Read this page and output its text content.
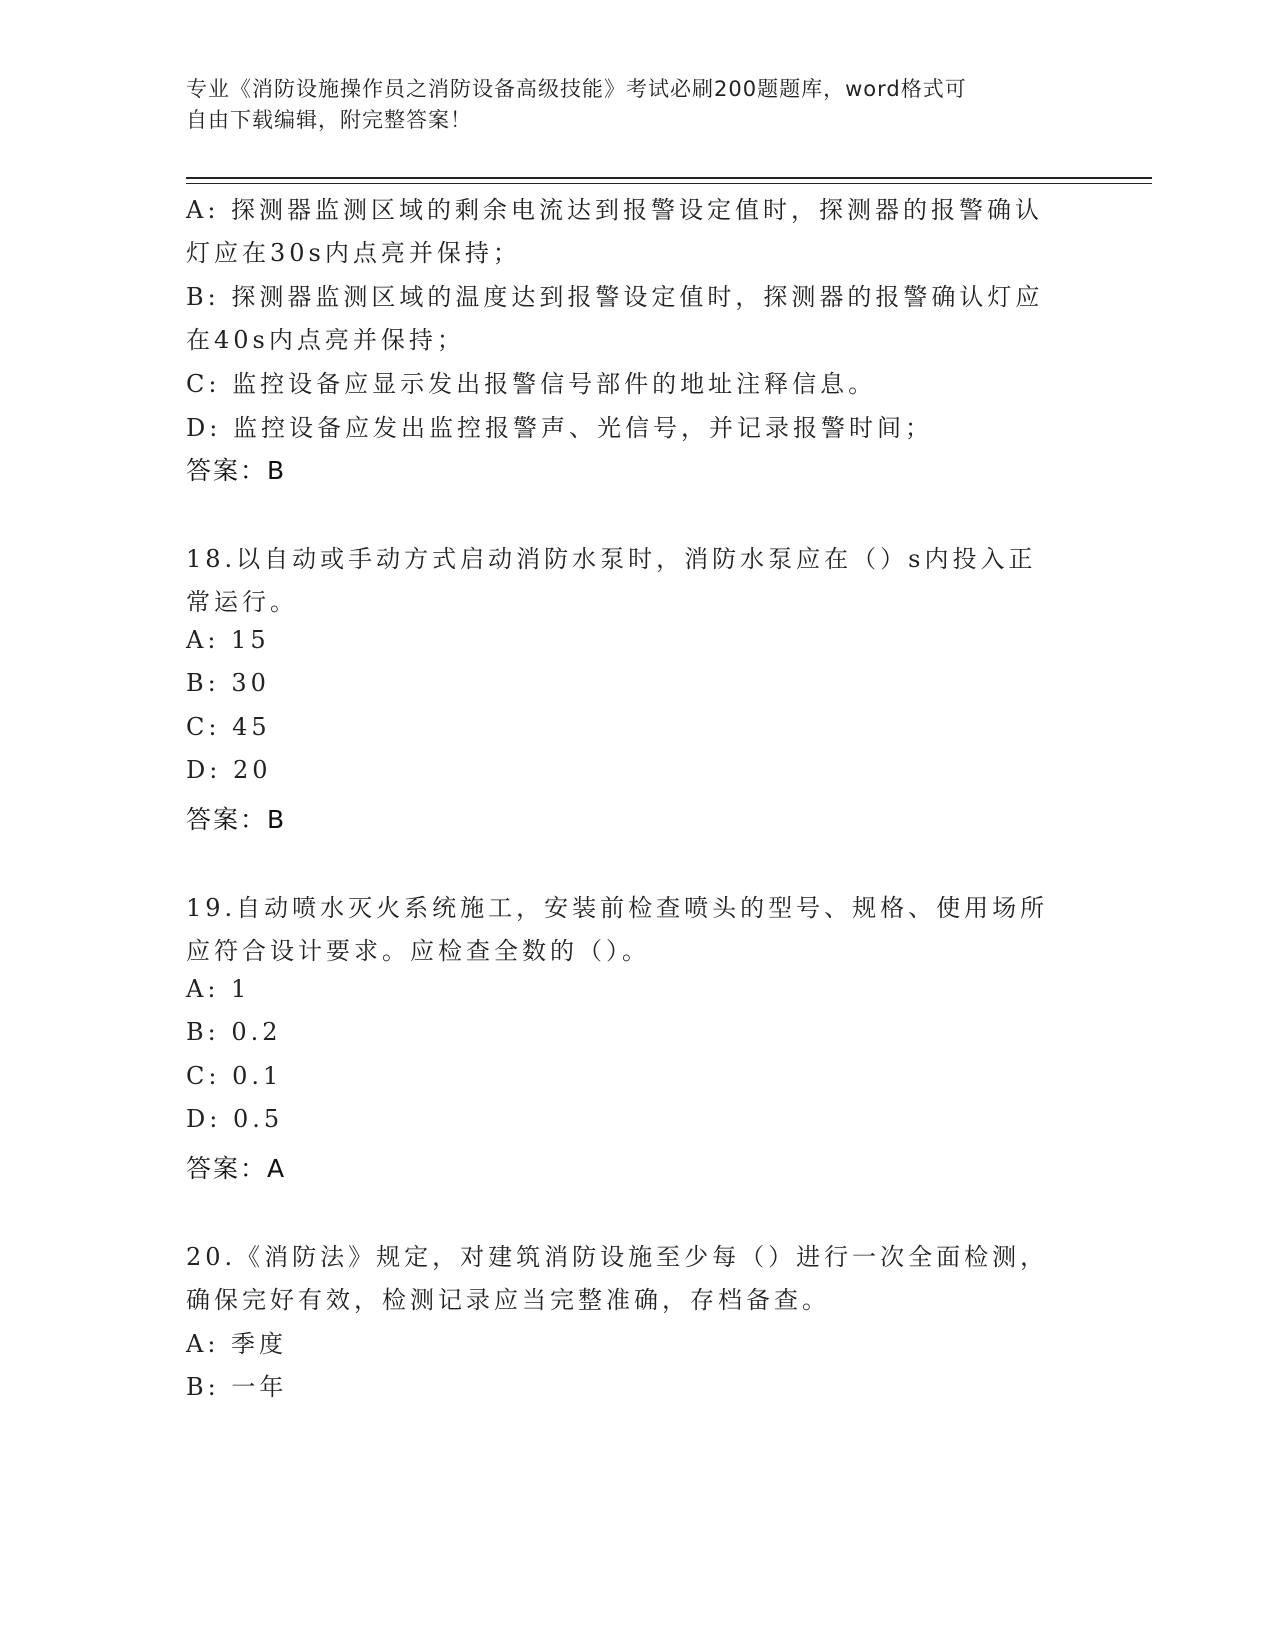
专业《消防设施操作员之消防设备高级技能》考试必刷200题题库，word格式可
自由下载编辑，附完整答案！
A: 探测器监测区域的剩余电流达到报警设定值时，探测器的报警确认
灯应在30s内点亮并保持；
B: 探测器监测区域的温度达到报警设定值时，探测器的报警确认灯应
在40s内点亮并保持；
C: 监控设备应显示发出报警信号部件的地址注释信息。
D: 监控设备应发出监控报警声、光信号，并记录报警时间；
答案：B
18.以自动或手动方式启动消防水泵时，消防水泵应在（）s内投入正
常运行。
A: 15
B: 30
C: 45
D: 20
答案：B
19.自动喷水灭火系统施工，安装前检查喷头的型号、规格、使用场所
应符合设计要求。应检查全数的（）。
A: 1
B: 0.2
C: 0.1
D: 0.5
答案：A
20.《消防法》规定，对建筑消防设施至少每（）进行一次全面检测，
确保完好有效，检测记录应当完整准确，存档备查。
A: 季度
B: 一年
